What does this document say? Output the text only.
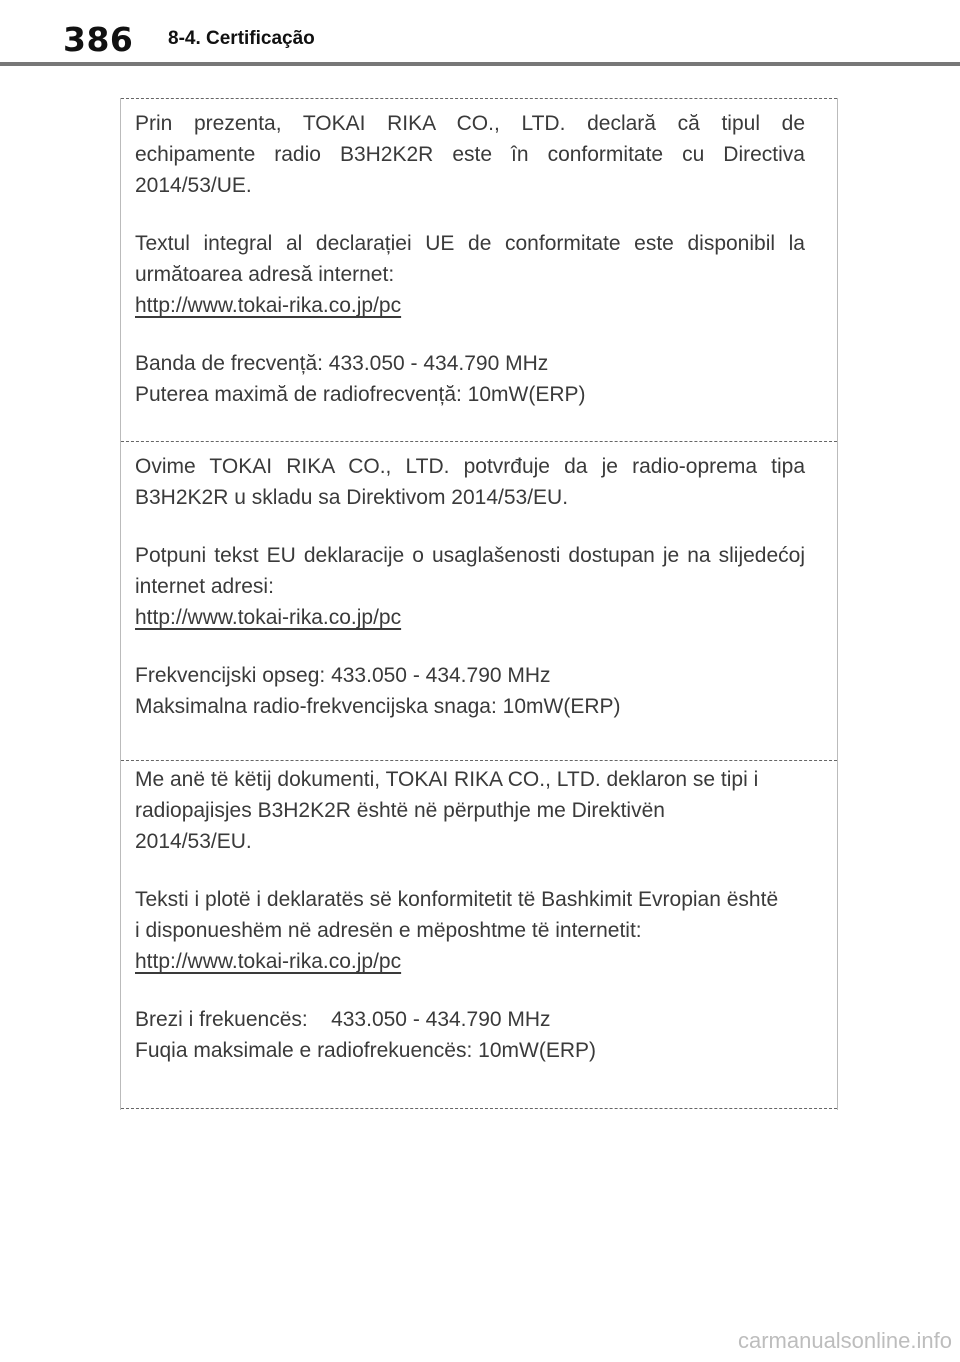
386 8-4. Certificação

Prin prezenta, TOKAI RIKA CO., LTD. declară că tipul de

echipamente radio B3H2K2R este în conformitate cu Directiva

2014/53/UE.

Textul integral al declarației UE de conformitate este disponibil la

următoarea adresă internet:

http://www.tokai-rika.co.jp/pc

Banda de frecvență: 433.050 - 434.790 MHz

Puterea maximă de radiofrecvență: 10mW(ERP)

Ovime TOKAI RIKA CO., LTD. potvrđuje da je radio-oprema tipa

B3H2K2R u skladu sa Direktivom 2014/53/EU.

Potpuni tekst EU deklaracije o usaglašenosti dostupan je na slijedećoj

internet adresi:

http://www.tokai-rika.co.jp/pc

Frekvencijski opseg: 433.050 - 434.790 MHz

Maksimalna radio-frekvencijska snaga: 10mW(ERP)

Me anë të këtij dokumenti, TOKAI RIKA CO., LTD. deklaron se tipi i

radiopajisjes B3H2K2R është në përputhje me Direktivën

2014/53/EU.

Teksti i plotë i deklaratës së konformitetit të Bashkimit Evropian është

i disponueshëm në adresën e mëposhtme të internetit:

http://www.tokai-rika.co.jp/pc

Brezi i frekuencës:    433.050 - 434.790 MHz

Fuqia maksimale e radiofrekuencës: 10mW(ERP)

carmanualsonline.info
